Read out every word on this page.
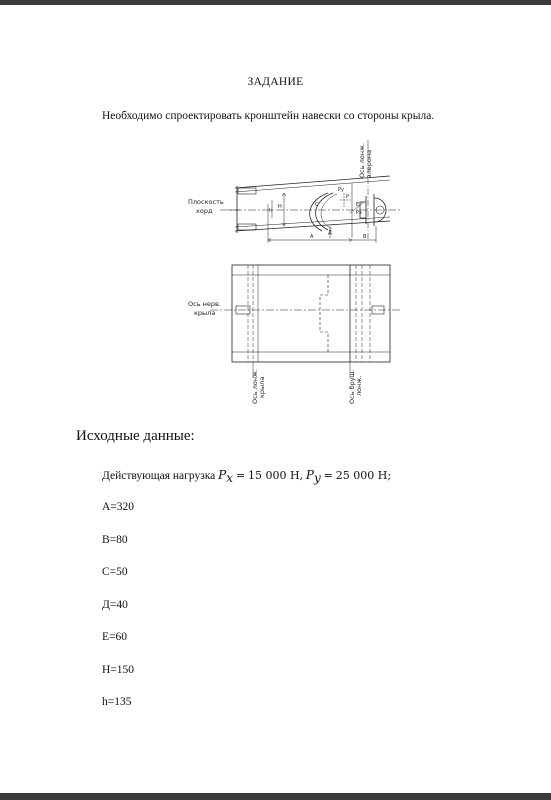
ЗАДАНИЕ
Необходимо спроектировать кронштейн навески со стороны крыла.
Плоскость
хорд
Ось нерв.
крыла
Ось лонж. элерона
Ось лонж. крыла	Ось бруш. лонж.
A	B
H
h
C
Д
E
P
Py
Px
Исходные данные:
Действующая нагрузка $P_x = 15$ 000 Н, $P_y = 25$ 000 Н;
A=320
B=80
C=50
Д=40
E=60
H=150
h=135
